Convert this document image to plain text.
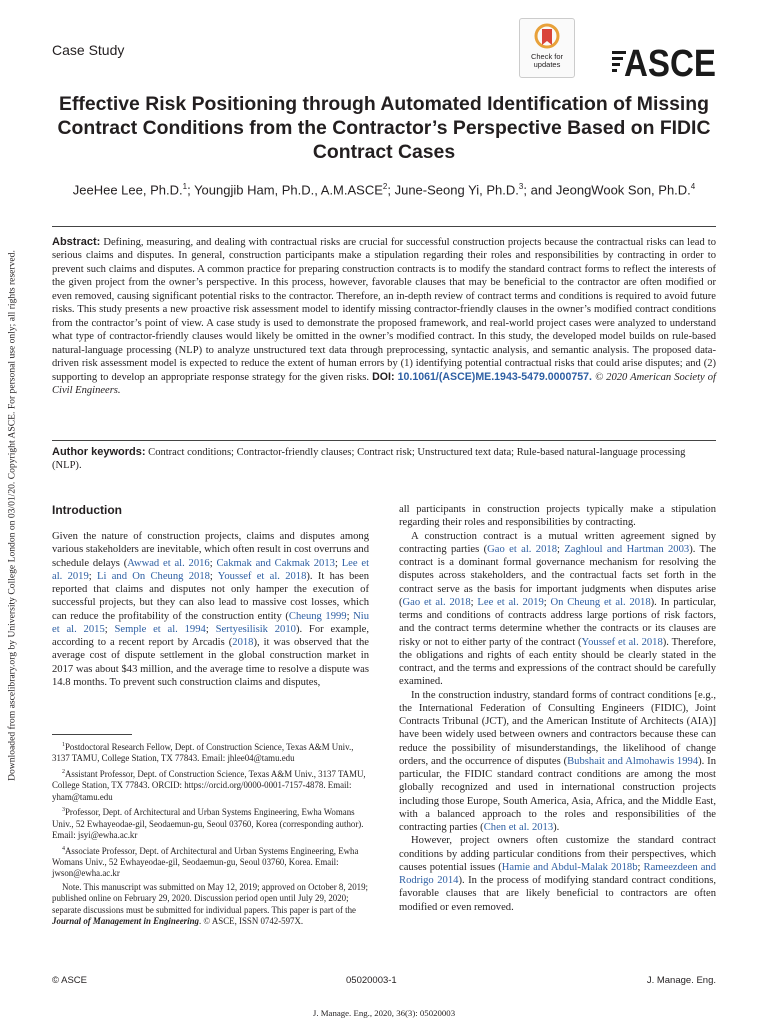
Downloaded from ascelibrary.org by University College London on 03/01/20. Copyright ASCE. For personal use only; all rights reserved.
Case Study	Check for
updates	ASCE
Effective Risk Positioning through Automated Identification of Missing Contract Conditions from the Contractor’s Perspective Based on FIDIC Contract Cases
JeeHee Lee, Ph.D.$^1$; Youngjib Ham, Ph.D., A.M.ASCE$^2$; June-Seong Yi, Ph.D.$^3$; and JeongWook Son, Ph.D.$^4$
Abstract: Defining, measuring, and dealing with contractual risks are crucial for successful construction projects because the contractual risks can lead to serious claims and disputes. In general, construction participants make a stipulation regarding their roles and responsibilities by contracting in order to prevent such claims and disputes. A common practice for preparing construction contracts is to modify the standard contract forms to reflect the interests of the given project from the owner’s perspective. In this process, however, favorable clauses that may be beneficial to the contractor are often modified or even removed, causing significant potential risks to the contractor. Therefore, an in-depth review of contract terms and conditions is required to avoid future risks. This study presents a new proactive risk assessment model to identify missing contractor-friendly clauses in the owner’s modified contract conditions from the contractor’s point of view. A case study is used to demonstrate the proposed framework, and real-world project cases were analyzed to understand what type of contractor-friendly clauses would likely be omitted in the owner’s modified contract. In this study, the developed model builds on rule-based natural-language processing (NLP) to analyze unstructured text data through preprocessing, syntactic analysis, and semantic analysis. The proposed data-driven risk assessment model is expected to reduce the extent of human errors by (1) identifying potential contractual risks that could arise disputes; and (2) supporting to develop an appropriate response strategy for the given risks. DOI: 10.1061/(ASCE)ME.1943-5479.0000757. © 2020 American Society of Civil Engineers.
Author keywords: Contract conditions; Contractor-friendly clauses; Contract risk; Unstructured text data; Rule-based natural-language processing (NLP).
Introduction

Given the nature of construction projects, claims and disputes among various stakeholders are inevitable, which often result in cost overruns and schedule delays (Awwad et al. 2016; Cakmak and Cakmak 2013; Lee et al. 2019; Li and On Cheung 2018; Youssef et al. 2018). It has been reported that claims and disputes not only hamper the execution of successful projects, but they can also lead to massive cost losses, which can reduce the profitability of the construction entity (Cheung 1999; Niu et al. 2015; Semple et al. 1994; Sertyesilisik 2010). For example, according to a recent report by Arcadis (2018), it was observed that the average cost of dispute settlement in the global construction market in 2017 was about $43 million, and the average time to resolve a dispute was 14.8 months. To prevent such construction claims and disputes,

all participants in construction projects typically make a stipulation regarding their roles and responsibilities by contracting.

A construction contract is a mutual written agreement signed by contracting parties (Gao et al. 2018; Zaghloul and Hartman 2003). The contract is a dominant formal governance mechanism for resolving the disputes across stakeholders, and the contractual facts set forth in the contract serve as the basis for important judgments when disputes arise (Gao et al. 2018; Lee et al. 2019; On Cheung et al. 2018). In particular, terms and conditions of contracts address large portions of risk factors, and the contract terms determine whether the contracts or its clauses are risky or not to either party of the contract (Youssef et al. 2018). Therefore, the obligations and rights of each entity should be clearly stated in the contract, and the terms and expressions of the contract should be carefully examined.

In the construction industry, standard forms of contract conditions [e.g., the International Federation of Consulting Engineers (FIDIC), Joint Contracts Tribunal (JCT), and the American Institute of Architects (AIA)] have been widely used between owners and contractors because these can reduce the possibility of misunderstandings, the likelihood of change orders, and the occurrence of disputes (Bubshait and Almohawis 1994). In particular, the FIDIC standard contract conditions are among the most globally recognized and used in international construction projects including those Europe, South America, Asia, Africa, and the Middle East, with a balanced approach to the roles and responsibilities of the contracting parties (Chen et al. 2013).

However, project owners often customize the standard contract conditions by adding particular conditions from their perspectives, which causes potential issues (Hamie and Abdul-Malak 2018b; Rameezdeen and Rodrigo 2014). In the process of modifying standard contract conditions, favorable clauses that are likely beneficial to contractors are often modified or even removed.

$^1$Postdoctoral Research Fellow, Dept. of Construction Science, Texas A&M Univ., 3137 TAMU, College Station, TX 77843. Email: jhlee04@tamu.edu

$^2$Assistant Professor, Dept. of Construction Science, Texas A&M Univ., 3137 TAMU, College Station, TX 77843. ORCID: https://orcid.org/0000-0001-7157-4878. Email: yham@tamu.edu

$^3$Professor, Dept. of Architectural and Urban Systems Engineering, Ewha Womans Univ., 52 Ewhayeodae-gil, Seodaemun-gu, Seoul 03760, Korea (corresponding author). Email: jsyi@ewha.ac.kr

$^4$Associate Professor, Dept. of Architectural and Urban Systems Engineering, Ewha Womans Univ., 52 Ewhayeodae-gil, Seodaemun-gu, Seoul 03760, Korea. Email: jwson@ewha.ac.kr

Note. This manuscript was submitted on May 12, 2019; approved on October 8, 2019; published online on February 29, 2020. Discussion period open until July 29, 2020; separate discussions must be submitted for individual papers. This paper is part of the Journal of Management in Engineering. © ASCE, ISSN 0742-597X.

© ASCE	05020003-1	J. Manage. Eng.
J. Manage. Eng., 2020, 36(3): 05020003
